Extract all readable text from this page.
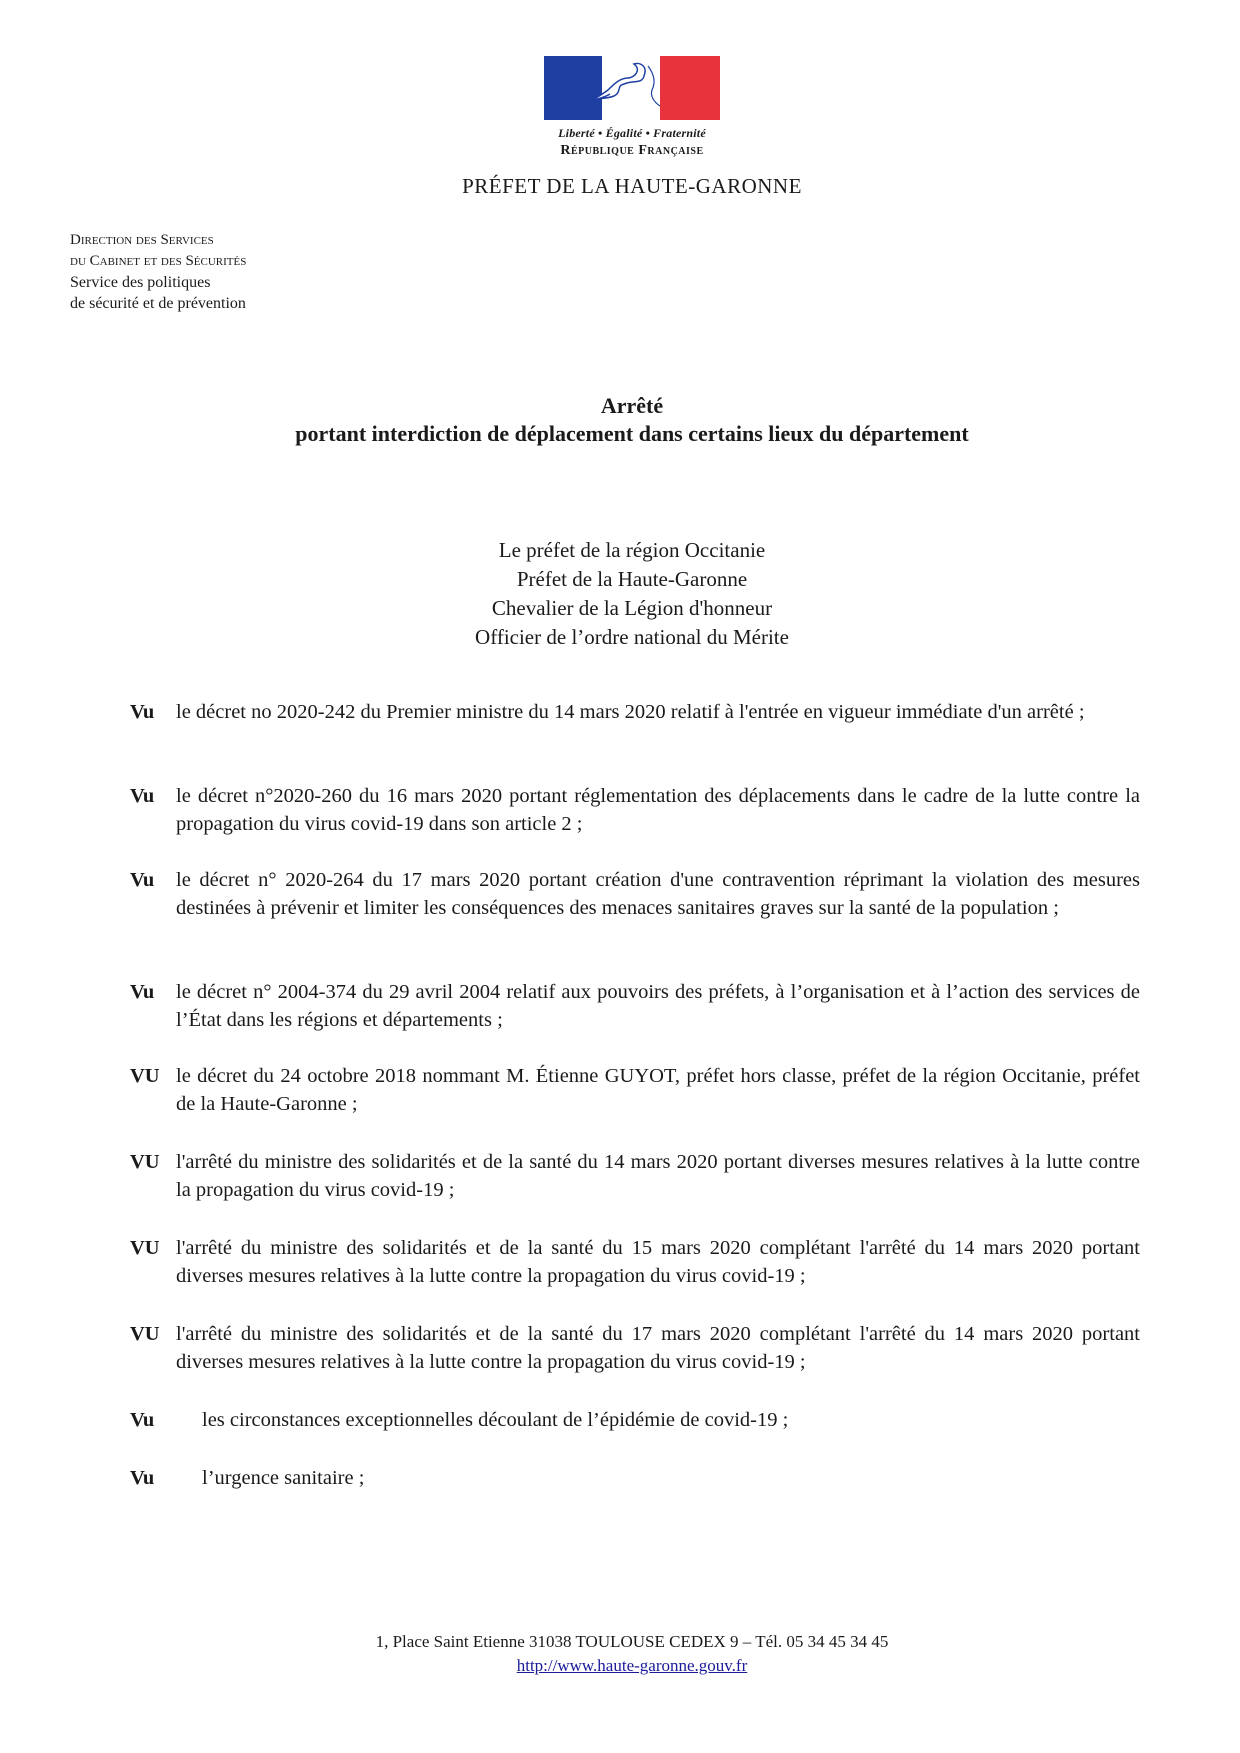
Liberté • Égalité • Fraternité
République Française
PRÉFET DE LA HAUTE-GARONNE
Direction des Services
du Cabinet et des Sécurités
Service des politiques
de sécurité et de prévention
Arrêté
portant interdiction de déplacement dans certains lieux du département
Le préfet de la région Occitanie
Préfet de la Haute-Garonne
Chevalier de la Légion d'honneur
Officier de l’ordre national du Mérite
Vu le décret no 2020-242 du Premier ministre du 14 mars 2020 relatif à l'entrée en vigueur immédiate d'un arrêté ;
Vu le décret n°2020-260 du 16 mars 2020 portant réglementation des déplacements dans le cadre de la lutte contre la propagation du virus covid-19 dans son article 2 ;
Vu le décret n° 2020-264 du 17 mars 2020 portant création d'une contravention réprimant la violation des mesures destinées à prévenir et limiter les conséquences des menaces sanitaires graves sur la santé de la population ;
Vu le décret n° 2004-374 du 29 avril 2004 relatif aux pouvoirs des préfets, à l’organisation et à l’action des services de l’État dans les régions et départements ;
VU le décret du 24 octobre 2018 nommant M. Étienne GUYOT, préfet hors classe, préfet de la région Occitanie, préfet de la Haute-Garonne ;
VU l'arrêté du ministre des solidarités et de la santé du 14 mars 2020 portant diverses mesures relatives à la lutte contre la propagation du virus covid-19 ;
VU l'arrêté du ministre des solidarités et de la santé du 15 mars 2020 complétant l'arrêté du 14 mars 2020 portant diverses mesures relatives à la lutte contre la propagation du virus covid-19 ;
VU l'arrêté du ministre des solidarités et de la santé du 17 mars 2020 complétant l'arrêté du 14 mars 2020 portant diverses mesures relatives à la lutte contre la propagation du virus covid-19 ;
Vu les circonstances exceptionnelles découlant de l’épidémie de covid-19 ;
Vu l’urgence sanitaire ;
1, Place Saint Etienne 31038 TOULOUSE CEDEX 9 – Tél. 05 34 45 34 45
http://www.haute-garonne.gouv.fr
